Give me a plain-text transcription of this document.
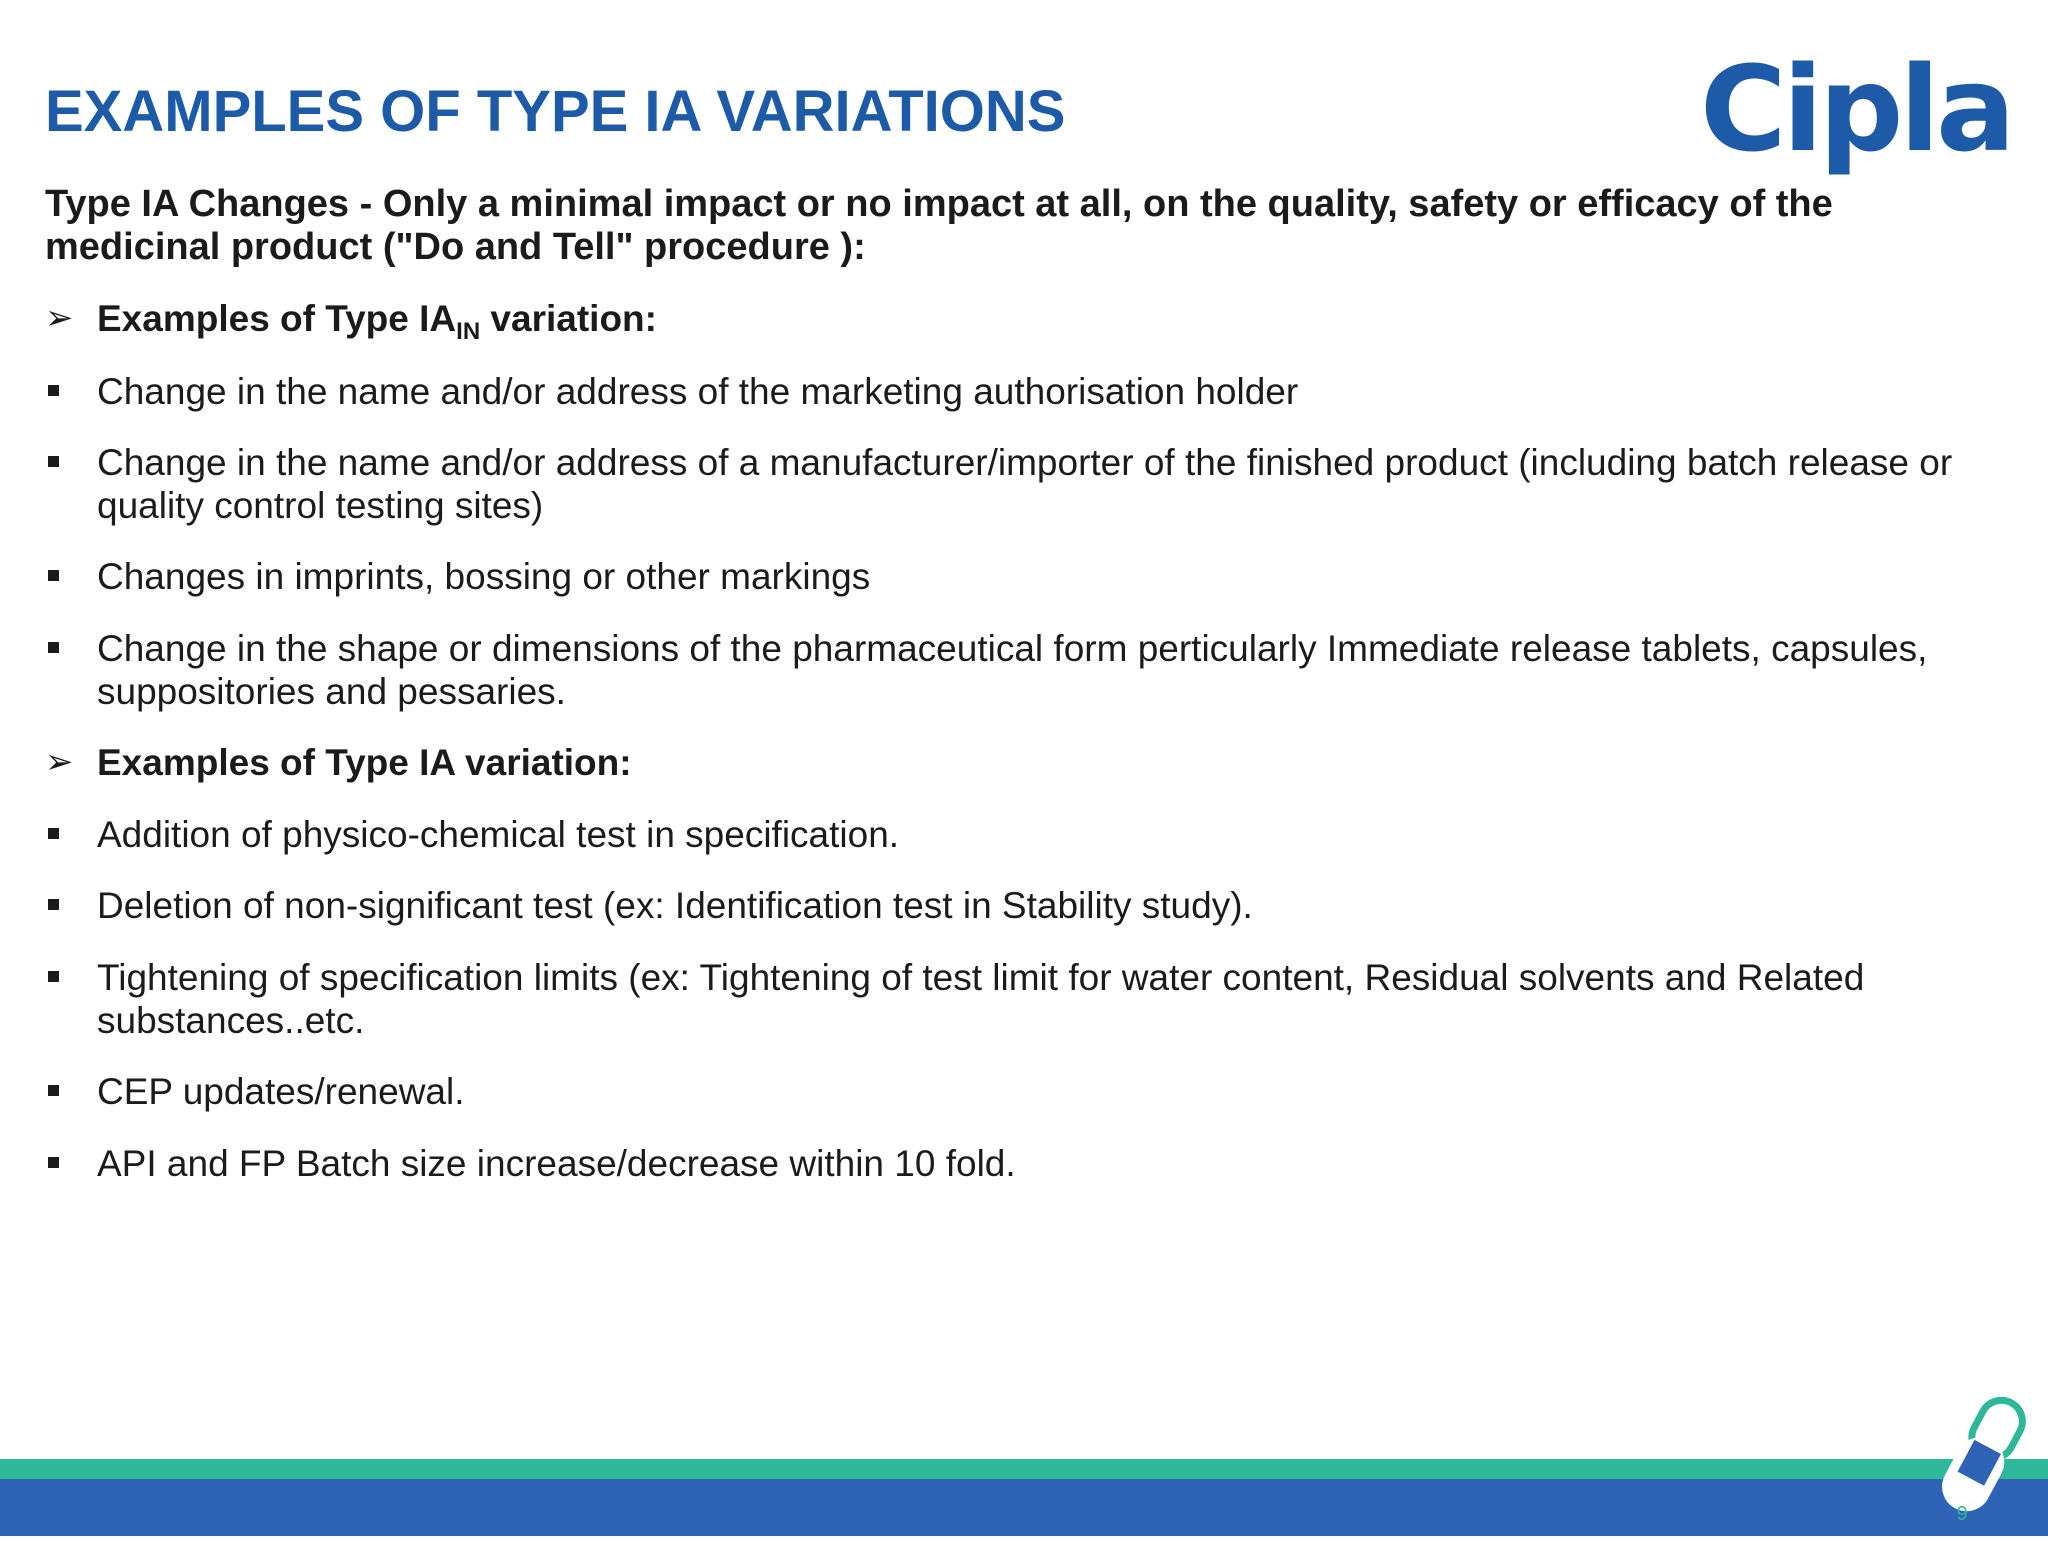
EXAMPLES OF TYPE IA VARIATIONS	Cipla

Type IA Changes - Only a minimal impact or no impact at all, on the quality, safety or efficacy of the medicinal product ("Do and Tell" procedure ):

➢ Examples of Type $IA_{IN}$ variation:
Change in the name and/or address of the marketing authorisation holder
Change in the name and/or address of a manufacturer/importer of the finished product (including batch release or quality control testing sites)
Changes in imprints, bossing or other markings
Change in the shape or dimensions of the pharmaceutical form perticularly Immediate release tablets, capsules, suppositories and pessaries.
➢ Examples of Type IA variation:
Addition of physico-chemical test in specification.
Deletion of non-significant test (ex: Identification test in Stability study).
Tightening of specification limits (ex: Tightening of test limit for water content, Residual solvents and Related substances..etc.
CEP updates/renewal.
API and FP Batch size increase/decrease within 10 fold.
9
